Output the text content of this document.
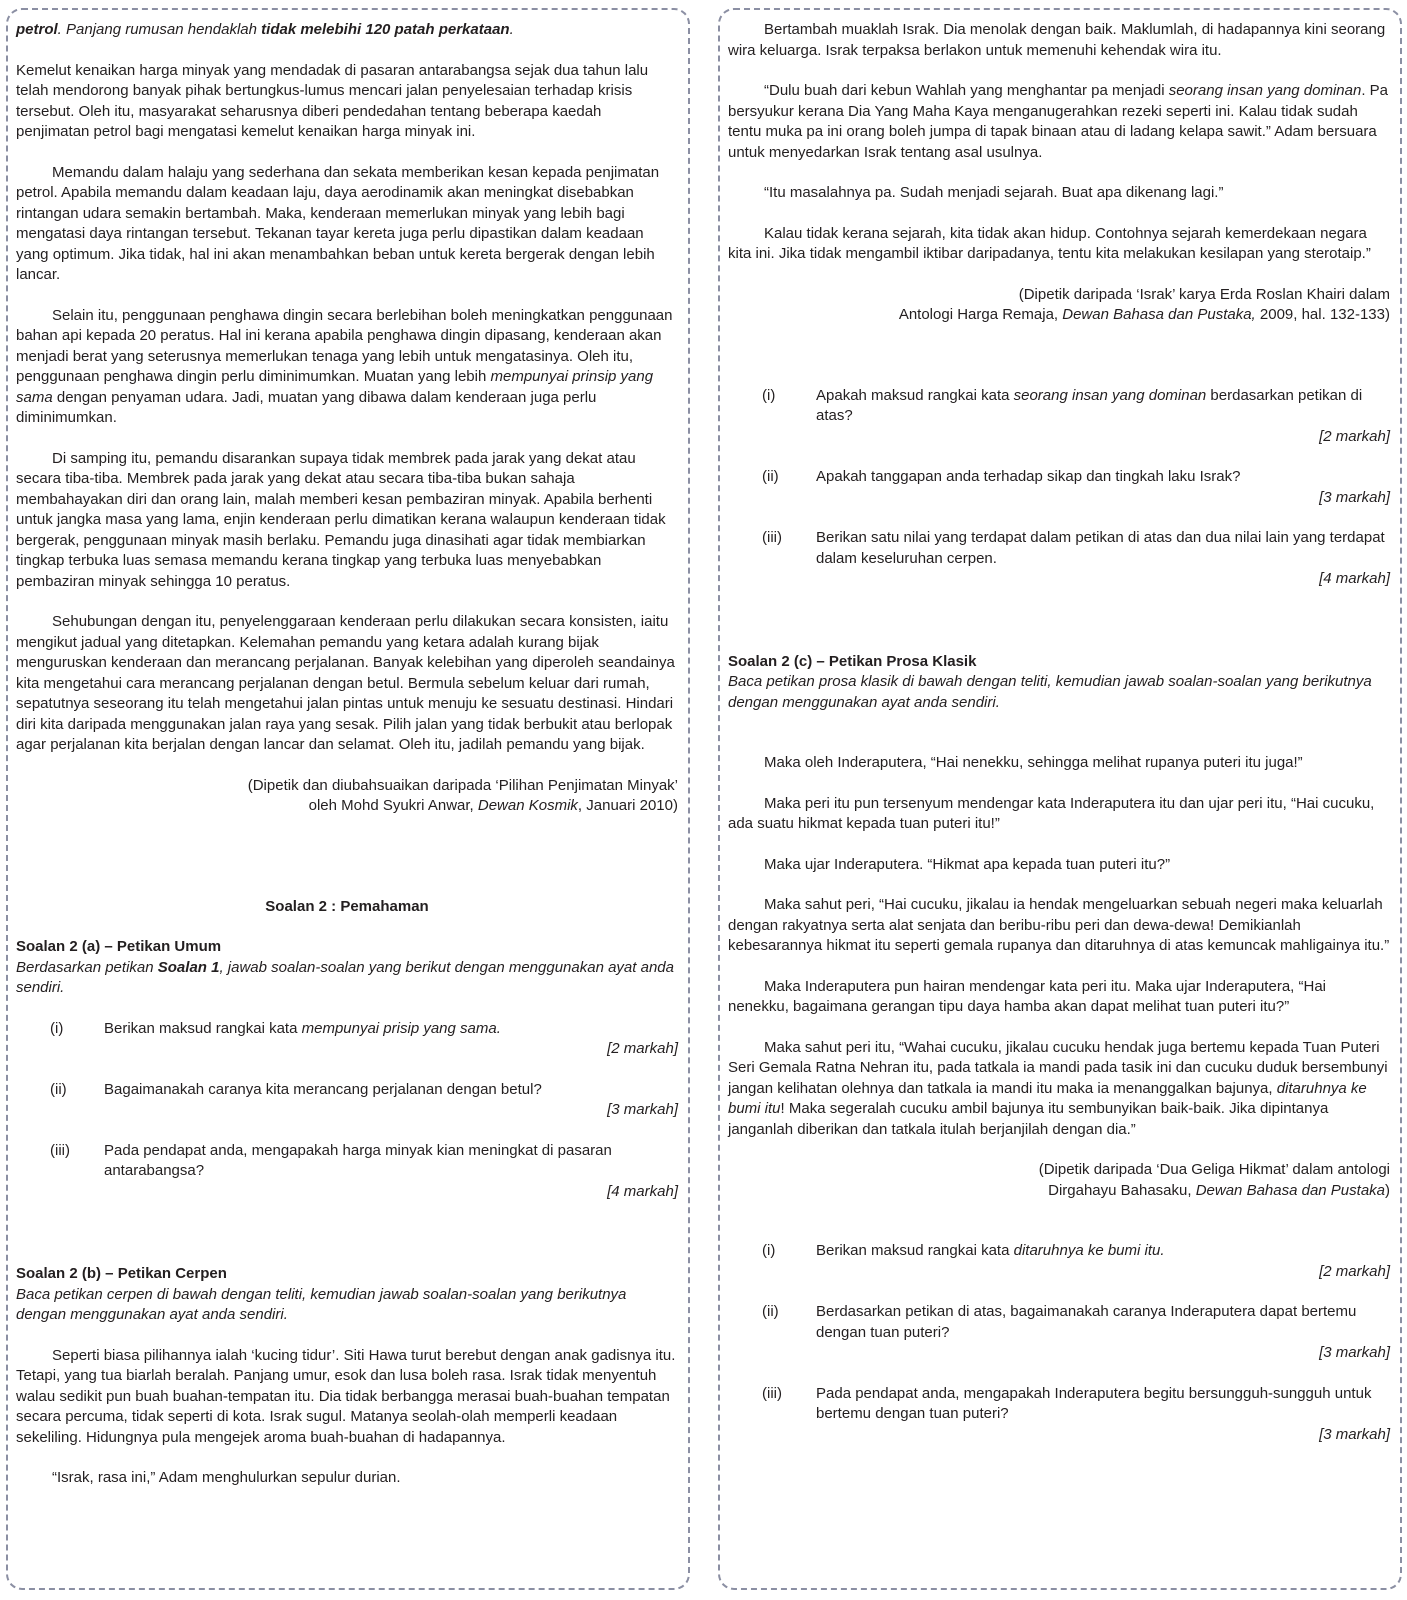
petrol. Panjang rumusan hendaklah tidak melebihi 120 patah perkataan.

Kemelut kenaikan harga minyak yang mendadak di pasaran antarabangsa sejak dua tahun lalu telah mendorong banyak pihak bertungkus-lumus mencari jalan penyelesaian terhadap krisis tersebut. Oleh itu, masyarakat seharusnya diberi pendedahan tentang beberapa kaedah penjimatan petrol bagi mengatasi kemelut kenaikan harga minyak ini.

Memandu dalam halaju yang sederhana dan sekata memberikan kesan kepada penjimatan petrol. Apabila memandu dalam keadaan laju, daya aerodinamik akan meningkat disebabkan rintangan udara semakin bertambah. Maka, kenderaan memerlukan minyak yang lebih bagi mengatasi daya rintangan tersebut. Tekanan tayar kereta juga perlu dipastikan dalam keadaan yang optimum. Jika tidak, hal ini akan menambahkan beban untuk kereta bergerak dengan lebih lancar.

Selain itu, penggunaan penghawa dingin secara berlebihan boleh meningkatkan penggunaan bahan api kepada 20 peratus. Hal ini kerana apabila penghawa dingin dipasang, kenderaan akan menjadi berat yang seterusnya memerlukan tenaga yang lebih untuk mengatasinya. Oleh itu, penggunaan penghawa dingin perlu diminimumkan. Muatan yang lebih mempunyai prinsip yang sama dengan penyaman udara. Jadi, muatan yang dibawa dalam kenderaan juga perlu diminimumkan.

Di samping itu, pemandu disarankan supaya tidak membrek pada jarak yang dekat atau secara tiba-tiba. Membrek pada jarak yang dekat atau secara tiba-tiba bukan sahaja membahayakan diri dan orang lain, malah memberi kesan pembaziran minyak. Apabila berhenti untuk jangka masa yang lama, enjin kenderaan perlu dimatikan kerana walaupun kenderaan tidak bergerak, penggunaan minyak masih berlaku. Pemandu juga dinasihati agar tidak membiarkan tingkap terbuka luas semasa memandu kerana tingkap yang terbuka luas menyebabkan pembaziran minyak sehingga 10 peratus.

Sehubungan dengan itu, penyelenggaraan kenderaan perlu dilakukan secara konsisten, iaitu mengikut jadual yang ditetapkan. Kelemahan pemandu yang ketara adalah kurang bijak menguruskan kenderaan dan merancang perjalanan. Banyak kelebihan yang diperoleh seandainya kita mengetahui cara merancang perjalanan dengan betul. Bermula sebelum keluar dari rumah, sepatutnya seseorang itu telah mengetahui jalan pintas untuk menuju ke sesuatu destinasi. Hindari diri kita daripada menggunakan jalan raya yang sesak. Pilih jalan yang tidak berbukit atau berlopak agar perjalanan kita berjalan dengan lancar dan selamat. Oleh itu, jadilah pemandu yang bijak.

(Dipetik dan diubahsuaikan daripada ‘Pilihan Penjimatan Minyak’
oleh Mohd Syukri Anwar, Dewan Kosmik, Januari 2010)

Soalan 2 : Pemahaman

Soalan 2 (a) – Petikan Umum

Berdasarkan petikan Soalan 1, jawab soalan-soalan yang berikut dengan menggunakan ayat anda sendiri.

(i)	Berikan maksud rangkai kata mempunyai prisip yang sama.

[2 markah]

(ii)	Bagaimanakah caranya kita merancang perjalanan dengan betul?

[3 markah]

(iii)	Pada pendapat anda, mengapakah harga minyak kian meningkat di pasaran antarabangsa?

[4 markah]

Soalan 2 (b) – Petikan Cerpen

Baca petikan cerpen di bawah dengan teliti, kemudian jawab soalan-soalan yang berikutnya dengan menggunakan ayat anda sendiri.

Seperti biasa pilihannya ialah ‘kucing tidur’. Siti Hawa turut berebut dengan anak gadisnya itu. Tetapi, yang tua biarlah beralah. Panjang umur, esok dan lusa boleh rasa. Israk tidak menyentuh walau sedikit pun buah buahan-tempatan itu. Dia tidak berbangga merasai buah-buahan tempatan secara percuma, tidak seperti di kota. Israk sugul. Matanya seolah-olah memperli keadaan sekeliling. Hidungnya pula mengejek aroma buah-buahan di hadapannya.

“Israk, rasa ini,” Adam menghulurkan sepulur durian.

Bertambah muaklah Israk. Dia menolak dengan baik. Maklumlah, di hadapannya kini seorang wira keluarga. Israk terpaksa berlakon untuk memenuhi kehendak wira itu.

“Dulu buah dari kebun Wahlah yang menghantar pa menjadi seorang insan yang dominan. Pa bersyukur kerana Dia Yang Maha Kaya menganugerahkan rezeki seperti ini. Kalau tidak sudah tentu muka pa ini orang boleh jumpa di tapak binaan atau di ladang kelapa sawit.” Adam bersuara untuk menyedarkan Israk tentang asal usulnya.

“Itu masalahnya pa. Sudah menjadi sejarah. Buat apa dikenang lagi.”

Kalau tidak kerana sejarah, kita tidak akan hidup. Contohnya sejarah kemerdekaan negara kita ini. Jika tidak mengambil iktibar daripadanya, tentu kita melakukan kesilapan yang sterotaip.”

(Dipetik daripada ‘Israk’ karya Erda Roslan Khairi dalam
Antologi Harga Remaja, Dewan Bahasa dan Pustaka, 2009, hal. 132-133)

(i)	Apakah maksud rangkai kata seorang insan yang dominan berdasarkan petikan di atas?

[2 markah]

(ii)	Apakah tanggapan anda terhadap sikap dan tingkah laku Israk?

[3 markah]

(iii)	Berikan satu nilai yang terdapat dalam petikan di atas dan dua nilai lain yang terdapat dalam keseluruhan cerpen.

[4 markah]

Soalan 2 (c) – Petikan Prosa Klasik

Baca petikan prosa klasik di bawah dengan teliti, kemudian jawab soalan-soalan yang berikutnya dengan menggunakan ayat anda sendiri.

Maka oleh Inderaputera, “Hai nenekku, sehingga melihat rupanya puteri itu juga!”

Maka peri itu pun tersenyum mendengar kata Inderaputera itu dan ujar peri itu, “Hai cucuku, ada suatu hikmat kepada tuan puteri itu!”

Maka ujar Inderaputera. “Hikmat apa kepada tuan puteri itu?”

Maka sahut peri, “Hai cucuku, jikalau ia hendak mengeluarkan sebuah negeri maka keluarlah dengan rakyatnya serta alat senjata dan beribu-ribu peri dan dewa-dewa! Demikianlah kebesarannya hikmat itu seperti gemala rupanya dan ditaruhnya di atas kemuncak mahligainya itu.”

Maka Inderaputera pun hairan mendengar kata peri itu. Maka ujar Inderaputera, “Hai nenekku, bagaimana gerangan tipu daya hamba akan dapat melihat tuan puteri itu?”

Maka sahut peri itu, “Wahai cucuku, jikalau cucuku hendak juga bertemu kepada Tuan Puteri Seri Gemala Ratna Nehran itu, pada tatkala ia mandi pada tasik ini dan cucuku duduk bersembunyi jangan kelihatan olehnya dan tatkala ia mandi itu maka ia menanggalkan bajunya, ditaruhnya ke bumi itu! Maka segeralah cucuku ambil bajunya itu sembunyikan baik-baik. Jika dipintanya janganlah diberikan dan tatkala itulah berjanjilah dengan dia.”

(Dipetik daripada ‘Dua Geliga Hikmat’ dalam antologi
Dirgahayu Bahasaku, Dewan Bahasa dan Pustaka)

(i)	Berikan maksud rangkai kata ditaruhnya ke bumi itu.

[2 markah]

(ii)	Berdasarkan petikan di atas, bagaimanakah caranya Inderaputera dapat bertemu dengan tuan puteri?

[3 markah]

(iii)	Pada pendapat anda, mengapakah Inderaputera begitu bersungguh-sungguh untuk bertemu dengan tuan puteri?

[3 markah]
